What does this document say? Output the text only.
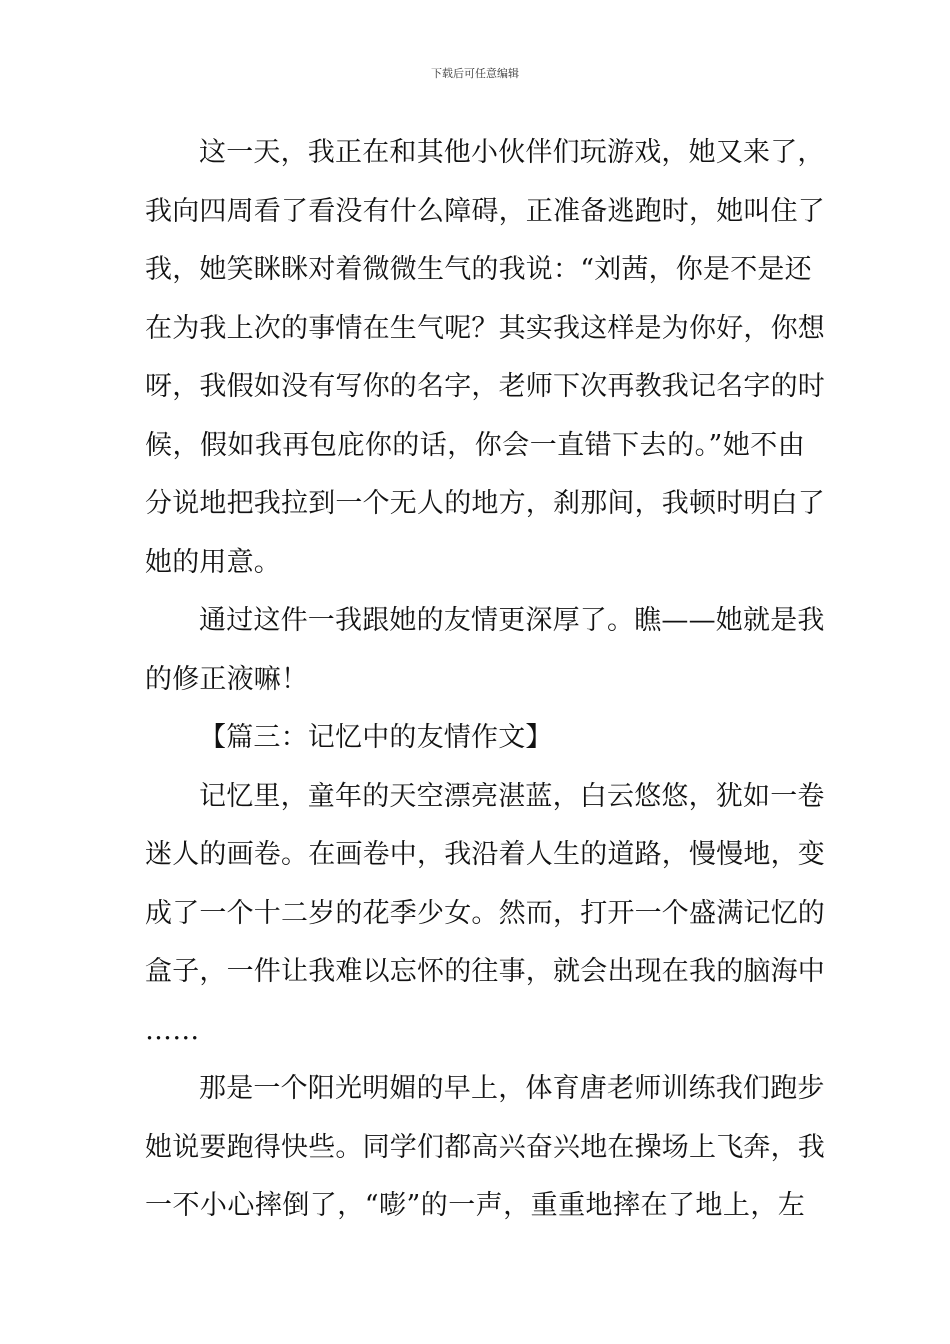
下载后可任意编辑
这一天，我正在和其他小伙伴们玩游戏，她又来了，
我向四周看了看没有什么障碍，正准备逃跑时，她叫住了
我，她笑眯眯对着微微生气的我说：“刘茜，你是不是还
在为我上次的事情在生气呢？其实我这样是为你好，你想
呀，我假如没有写你的名字，老师下次再教我记名字的时
候，假如我再包庇你的话，你会一直错下去的。”她不由
分说地把我拉到一个无人的地方，刹那间，我顿时明白了
她的用意。
通过这件一我跟她的友情更深厚了。瞧——她就是我
的修正液嘛！
【篇三：记忆中的友情作文】
记忆里，童年的天空漂亮湛蓝，白云悠悠，犹如一卷
迷人的画卷。在画卷中，我沿着人生的道路，慢慢地，变
成了一个十二岁的花季少女。然而，打开一个盛满记忆的
盒子，一件让我难以忘怀的往事，就会出现在我的脑海中
……
那是一个阳光明媚的早上，体育唐老师训练我们跑步
她说要跑得快些。同学们都高兴奋兴地在操场上飞奔，我
一不小心摔倒了，“嘭”的一声，重重地摔在了地上，左
